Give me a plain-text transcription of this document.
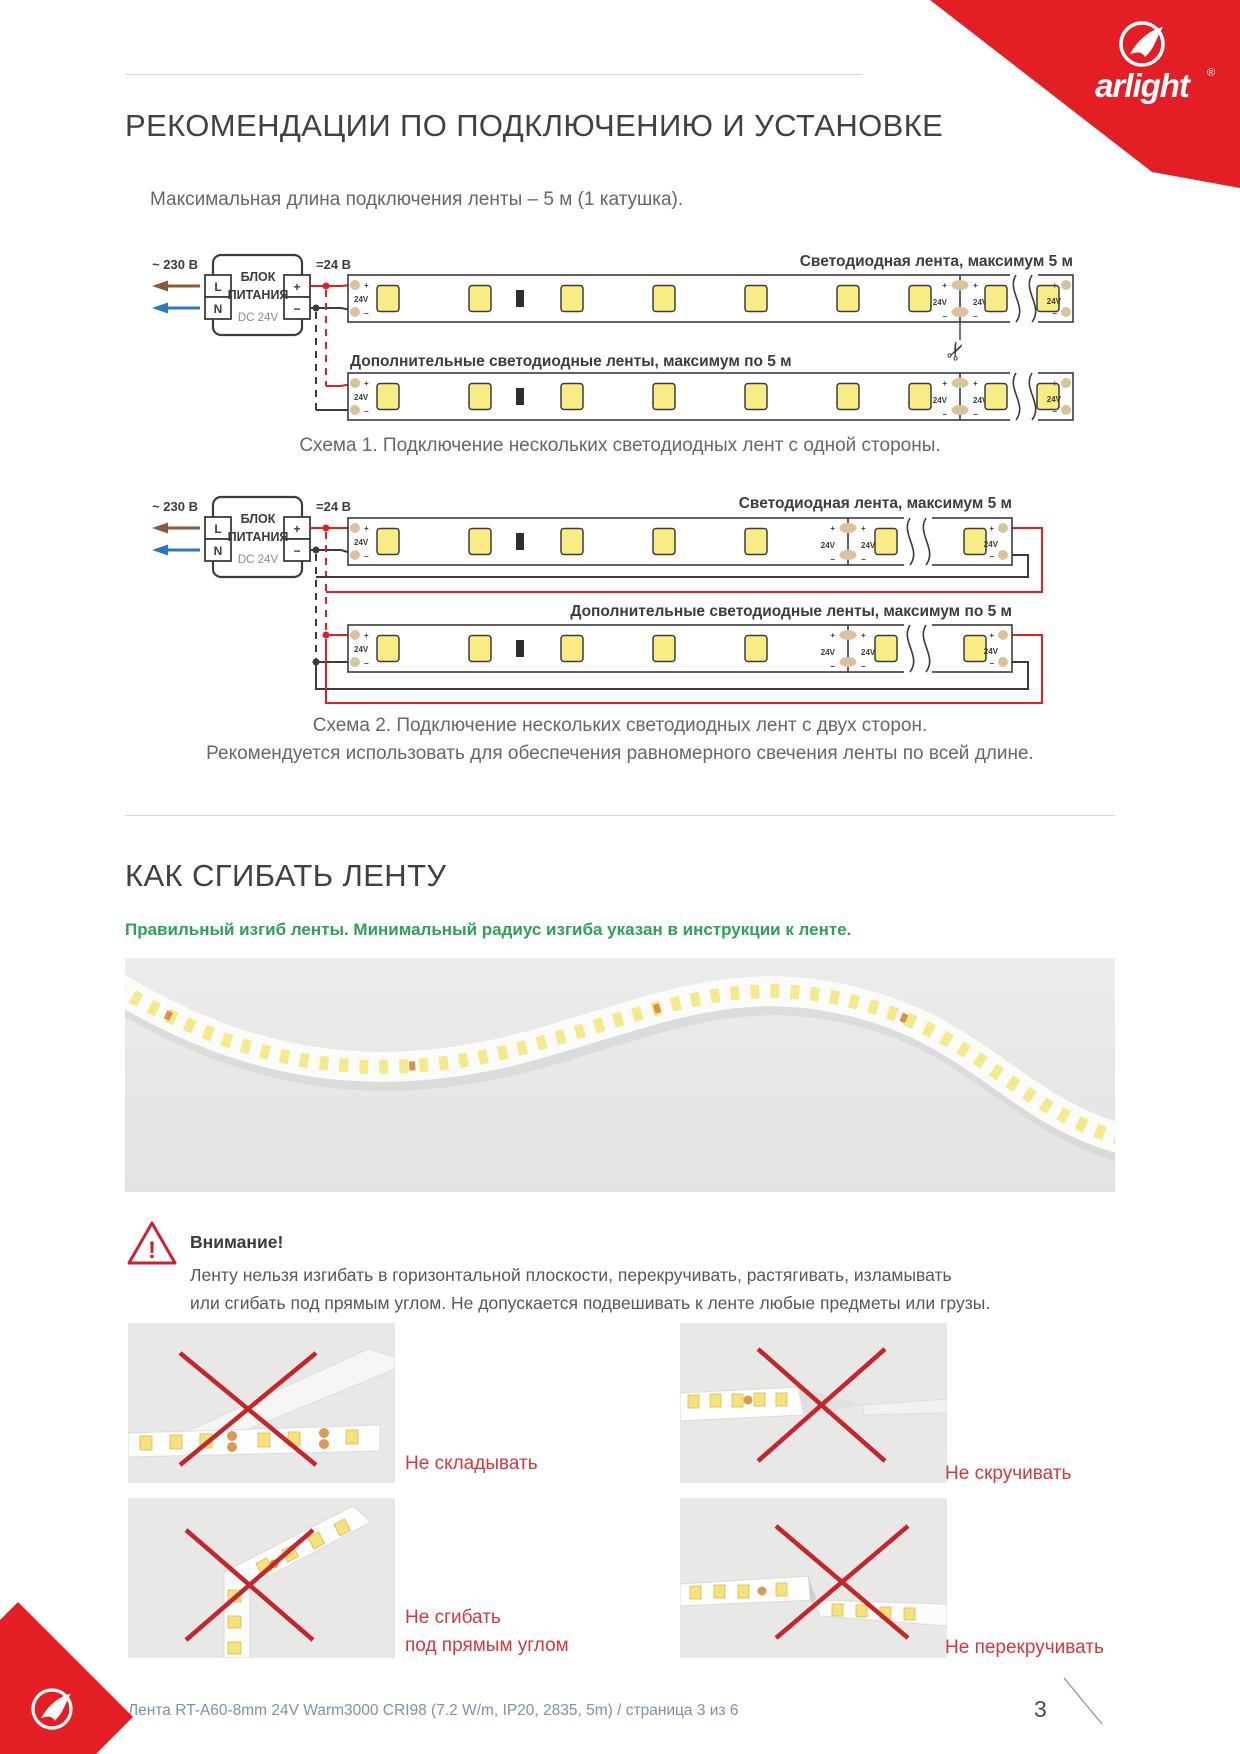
arlight ®
РЕКОМЕНДАЦИИ ПО ПОДКЛЮЧЕНИЮ И УСТАНОВКЕ
Максимальная длина подключения ленты – 5 м (1 катушка).
Светодиодная лента, максимум 5 м
✂
Дополнительные светодиодные ленты, максимум по 5 м
Схема 1. Подключение нескольких светодиодных лент с одной стороны.
Светодиодная лента, максимум 5 м
Дополнительные светодиодные ленты, максимум по 5 м
Схема 2. Подключение нескольких светодиодных лент с двух сторон.
Рекомендуется использовать для обеспечения равномерного свечения ленты по всей длине.
КАК СГИБАТЬ ЛЕНТУ
Правильный изгиб ленты. Минимальный радиус изгиба указан в инструкции к ленте.
! Внимание!
Ленту нельзя изгибать в горизонтальной плоскости, перекручивать, растягивать, изламывать
или сгибать под прямым углом. Не допускается подвешивать к ленте любые предметы или грузы.
Не складывать	Не скручивать
Не сгибать
под прямым углом	Не перекручивать
Лента RT-A60-8mm 24V Warm3000 CRI98 (7.2 W/m, IP20, 2835, 5m) / страница 3 из 6	3
